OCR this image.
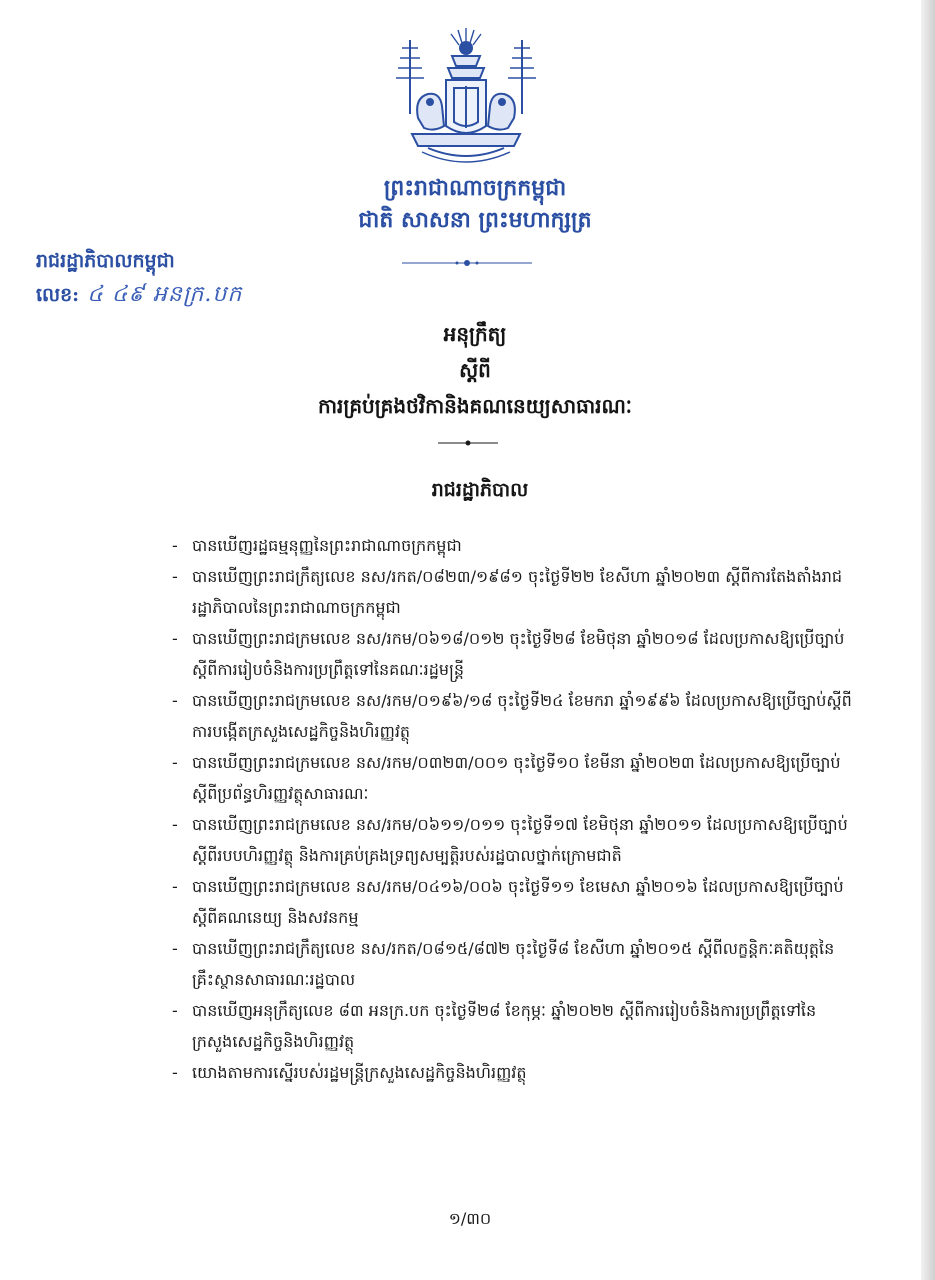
ព្រះរាជាណាចក្រកម្ពុជា
ជាតិ សាសនា ព្រះមហាក្សត្រ
រាជរដ្ឋាភិបាលកម្ពុជា
លេខ: ៤ ៤៩ អនក្រ.បក
អនុក្រឹត្យ
ស្តីពី
ការគ្រប់គ្រងថវិកានិងគណនេយ្យសាធារណៈ
រាជរដ្ឋាភិបាល
- បានឃើញរដ្ឋធម្មនុញ្ញនៃព្រះរាជាណាចក្រកម្ពុជា
- បានឃើញព្រះរាជក្រឹត្យលេខ នស/រកត/០៨២៣/១៩៨១ ចុះថ្ងៃទី២២ ខែសីហា ឆ្នាំ២០២៣ ស្តីពីការតែងតាំងរាជរដ្ឋាភិបាលនៃព្រះរាជាណាចក្រកម្ពុជា
- បានឃើញព្រះរាជក្រមលេខ នស/រកម/០៦១៨/០១២ ចុះថ្ងៃទី២៨ ខែមិថុនា ឆ្នាំ២០១៨ ដែលប្រកាសឱ្យប្រើច្បាប់ស្តីពីការរៀបចំនិងការប្រព្រឹត្តទៅនៃគណៈរដ្ឋមន្ត្រី
- បានឃើញព្រះរាជក្រមលេខ នស/រកម/០១៩៦/១៨ ចុះថ្ងៃទី២៤ ខែមករា ឆ្នាំ១៩៩៦ ដែលប្រកាសឱ្យប្រើច្បាប់ស្តីពីការបង្កើតក្រសួងសេដ្ឋកិច្ចនិងហិរញ្ញវត្ថុ
- បានឃើញព្រះរាជក្រមលេខ នស/រកម/០៣២៣/០០១ ចុះថ្ងៃទី១០ ខែមីនា ឆ្នាំ២០២៣ ដែលប្រកាសឱ្យប្រើច្បាប់ស្តីពីប្រព័ន្ធហិរញ្ញវត្ថុសាធារណៈ
- បានឃើញព្រះរាជក្រមលេខ នស/រកម/០៦១១/០១១ ចុះថ្ងៃទី១៧ ខែមិថុនា ឆ្នាំ២០១១ ដែលប្រកាសឱ្យប្រើច្បាប់ស្តីពីរបបហិរញ្ញវត្ថុ និងការគ្រប់គ្រងទ្រព្យសម្បត្តិរបស់រដ្ឋបាលថ្នាក់ក្រោមជាតិ
- បានឃើញព្រះរាជក្រមលេខ នស/រកម/០៤១៦/០០៦ ចុះថ្ងៃទី១១ ខែមេសា ឆ្នាំ២០១៦ ដែលប្រកាសឱ្យប្រើច្បាប់ស្តីពីគណនេយ្យ និងសវនកម្ម
- បានឃើញព្រះរាជក្រឹត្យលេខ នស/រកត/០៨១៥/៨៧២ ចុះថ្ងៃទី៨ ខែសីហា ឆ្នាំ២០១៥ ស្តីពីលក្ខន្តិកៈគតិយុត្តនៃគ្រឹះស្ថានសាធារណៈរដ្ឋបាល
- បានឃើញអនុក្រឹត្យលេខ ៨៣ អនក្រ.បក ចុះថ្ងៃទី២៨ ខែកុម្ភៈ ឆ្នាំ២០២២ ស្តីពីការរៀបចំនិងការប្រព្រឹត្តទៅនៃក្រសួងសេដ្ឋកិច្ចនិងហិរញ្ញវត្ថុ
- យោងតាមការស្នើរបស់រដ្ឋមន្ត្រីក្រសួងសេដ្ឋកិច្ចនិងហិរញ្ញវត្ថុ
១/៣០
